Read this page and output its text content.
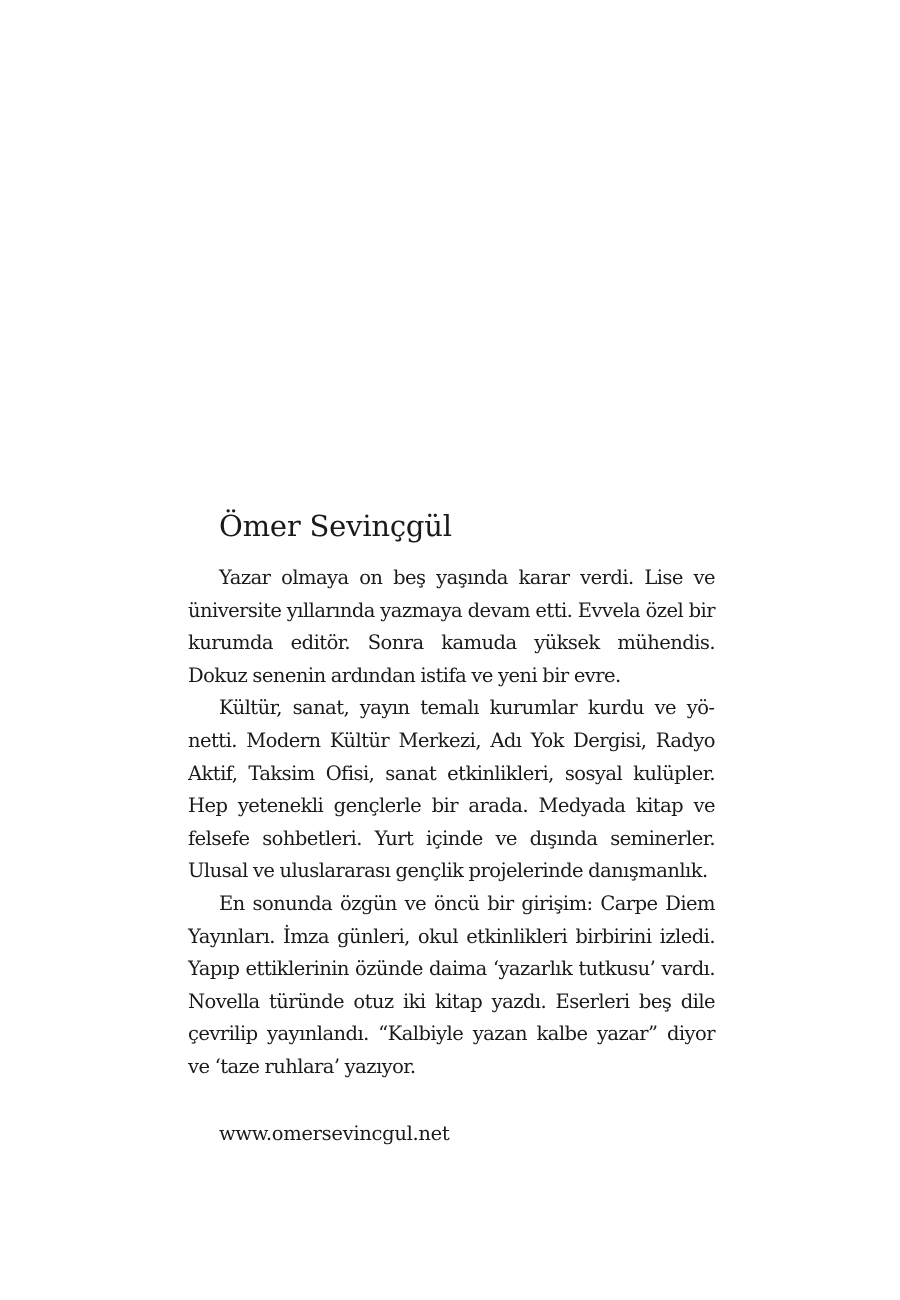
Ömer Sevinçgül

Yazar olmaya on beş yaşında karar verdi. Lise ve üniversite yıllarında yazmaya devam etti. Evvela özel bir kurumda editör. Sonra kamuda yüksek mühendis. Dokuz senenin ardından istifa ve yeni bir evre.

Kültür, sanat, yayın temalı kurumlar kurdu ve yönetti. Modern Kültür Merkezi, Adı Yok Dergisi, Radyo Aktif, Taksim Ofisi, sanat etkinlikleri, sosyal kulüpler. Hep yetenekli gençlerle bir arada. Medyada kitap ve felsefe sohbetleri. Yurt içinde ve dışında seminerler. Ulusal ve uluslararası gençlik projelerinde danışmanlık.

En sonunda özgün ve öncü bir girişim: Carpe Diem Yayınları. İmza günleri, okul etkinlikleri birbirini izledi. Yapıp ettiklerinin özünde daima ‘yazarlık tutkusu’ vardı. Novella türünde otuz iki kitap yazdı. Eserleri beş dile çevrilip yayınlandı. “Kalbiyle yazan kalbe yazar” diyor ve ‘taze ruhlara’ yazıyor.

www.omersevincgul.net
